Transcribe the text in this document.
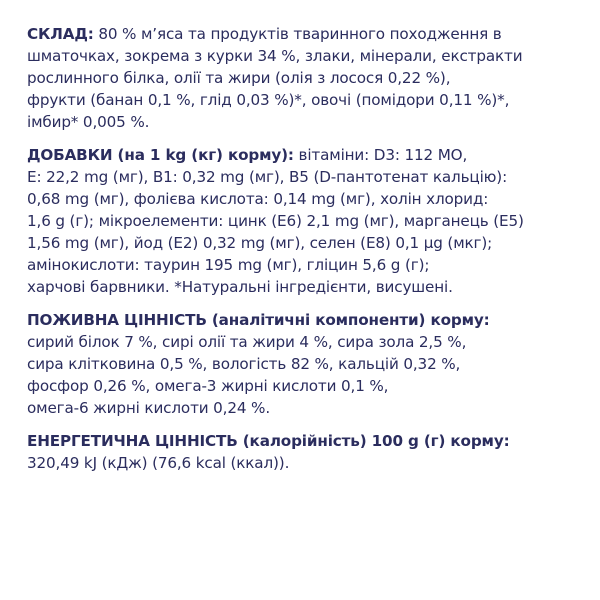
СКЛАД: 80 % м’яса та продуктів тваринного походження в
шматочках, зокрема з курки 34 %, злаки, мінерали, екстракти
рослинного білка, олії та жири (олія з лосося 0,22 %),
фрукти (банан 0,1 %, глід 0,03 %)*, овочі (помідори 0,11 %)*,
імбир* 0,005 %.

ДОБАВКИ (на 1 kg (кг) корму): вітаміни: D3: 112 МО,
E: 22,2 mg (мг), B1: 0,32 mg (мг), B5 (D-пантотенат кальцію):
0,68 mg (мг), фолієва кислота: 0,14 mg (мг), холін хлорид:
1,6 g (г); мікроелементи: цинк (E6) 2,1 mg (мг), марганець (E5)
1,56 mg (мг), йод (E2) 0,32 mg (мг), селен (E8) 0,1 µg (мкг);
амінокислоти: таурин 195 mg (мг), гліцин 5,6 g (г);
харчові барвники. *Натуральні інгредієнти, висушені.

ПОЖИВНА ЦІННІСТЬ (аналітичні компоненти) корму:
сирий білок 7 %, сирі олії та жири 4 %, сира зола 2,5 %,
сира клітковина 0,5 %, вологість 82 %, кальцій 0,32 %,
фосфор 0,26 %, омега-3 жирні кислоти 0,1 %,
омега-6 жирні кислоти 0,24 %.

ЕНЕРГЕТИЧНА ЦІННІСТЬ (калорійність) 100 g (г) корму:
320,49 kJ (кДж) (76,6 kcal (ккал)).
